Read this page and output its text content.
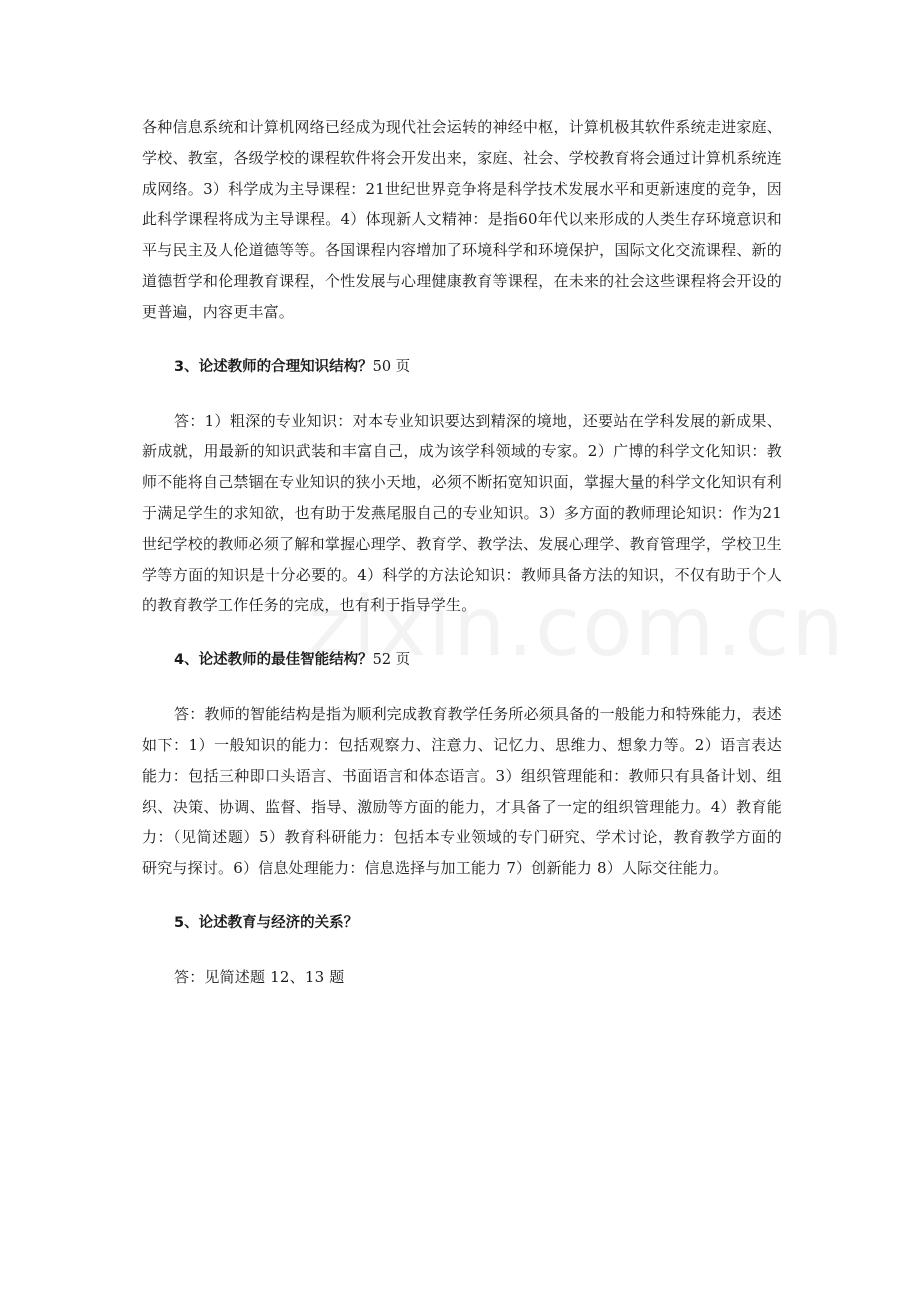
各种信息系统和计算机网络已经成为现代社会运转的神经中枢，计算机极其软件系统走进家庭、学校、教室，各级学校的课程软件将会开发出来，家庭、社会、学校教育将会通过计算机系统连成网络。3）科学成为主导课程：21世纪世界竞争将是科学技术发展水平和更新速度的竞争，因此科学课程将成为主导课程。4）体现新人文精神：是指60年代以来形成的人类生存环境意识和平与民主及人伦道德等等。各国课程内容增加了环境科学和环境保护，国际文化交流课程、新的道德哲学和伦理教育课程，个性发展与心理健康教育等课程，在未来的社会这些课程将会开设的更普遍，内容更丰富。

3、论述教师的合理知识结构？50 页

答：1）粗深的专业知识：对本专业知识要达到精深的境地，还要站在学科发展的新成果、新成就，用最新的知识武装和丰富自己，成为该学科领域的专家。2）广博的科学文化知识：教师不能将自己禁锢在专业知识的狭小天地，必须不断拓宽知识面，掌握大量的科学文化知识有利于满足学生的求知欲，也有助于发燕尾服自己的专业知识。3）多方面的教师理论知识：作为21世纪学校的教师必须了解和掌握心理学、教育学、教学法、发展心理学、教育管理学，学校卫生学等方面的知识是十分必要的。4）科学的方法论知识：教师具备方法的知识，不仅有助于个人的教育教学工作任务的完成，也有利于指导学生。

4、论述教师的最佳智能结构？52 页

答：教师的智能结构是指为顺利完成教育教学任务所必须具备的一般能力和特殊能力，表述如下：1）一般知识的能力：包括观察力、注意力、记忆力、思维力、想象力等。2）语言表达能力：包括三种即口头语言、书面语言和体态语言。3）组织管理能和：教师只有具备计划、组织、决策、协调、监督、指导、激励等方面的能力，才具备了一定的组织管理能力。4）教育能力：（见简述题）5）教育科研能力：包括本专业领域的专门研究、学术讨论，教育教学方面的研究与探讨。6）信息处理能力：信息选择与加工能力 7）创新能力 8）人际交往能力。

5、论述教育与经济的关系？

答：见简述题 12、13 题
